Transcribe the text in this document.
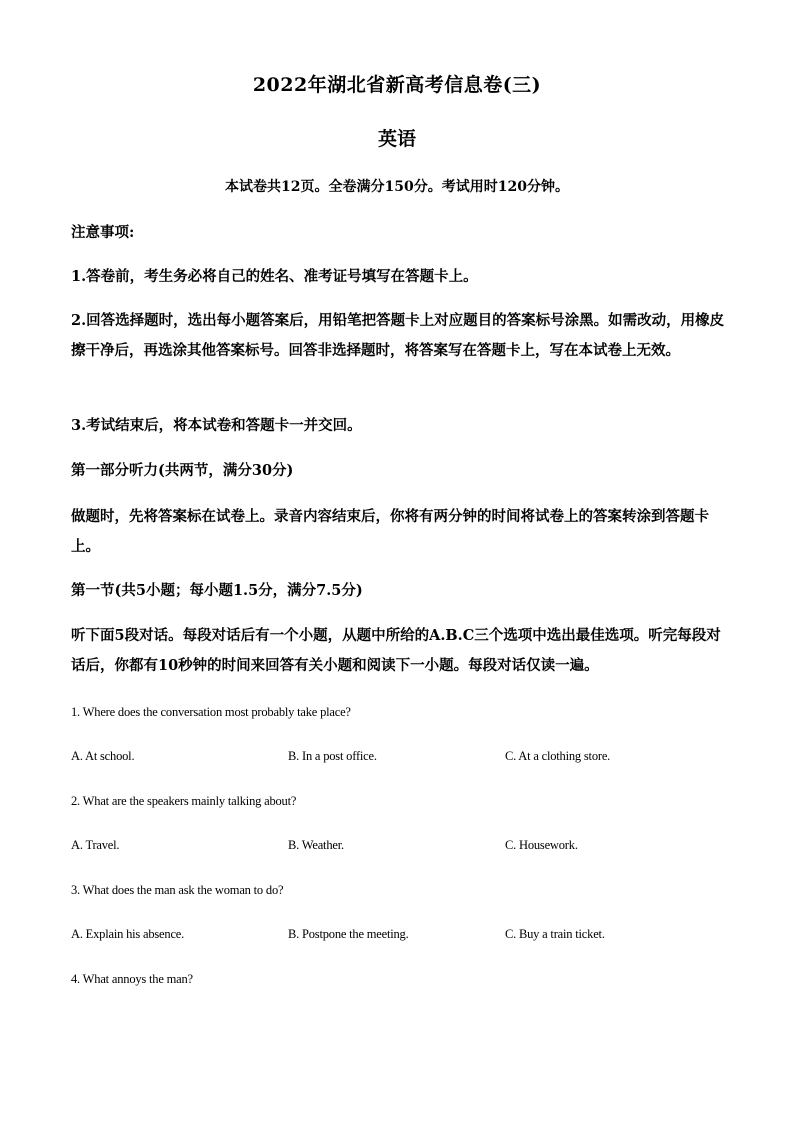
2022年湖北省新高考信息卷(三)
英语
本试卷共12页。全卷满分150分。考试用时120分钟。

注意事项:

1.答卷前，考生务必将自己的姓名、准考证号填写在答题卡上。

2.回答选择题时，选出每小题答案后，用铅笔把答题卡上对应题目的答案标号涂黑。如需改动，用橡皮擦干净后，再选涂其他答案标号。回答非选择题时，将答案写在答题卡上，写在本试卷上无效。

3.考试结束后，将本试卷和答题卡一并交回。

第一部分听力(共两节，满分30分)

做题时，先将答案标在试卷上。录音内容结束后，你将有两分钟的时间将试卷上的答案转涂到答题卡上。

第一节(共5小题；每小题1.5分，满分7.5分)

听下面5段对话。每段对话后有一个小题，从题中所给的A.B.C三个选项中选出最佳选项。听完每段对话后，你都有10秒钟的时间来回答有关小题和阅读下一小题。每段对话仅读一遍。

1. Where does the conversation most probably take place?
A. At school.	B. In a post office.	C. At a clothing store.
2. What are the speakers mainly talking about?
A. Travel.	B. Weather.	C. Housework.
3. What does the man ask the woman to do?
A. Explain his absence.	B. Postpone the meeting.	C. Buy a train ticket.
4. What annoys the man?
